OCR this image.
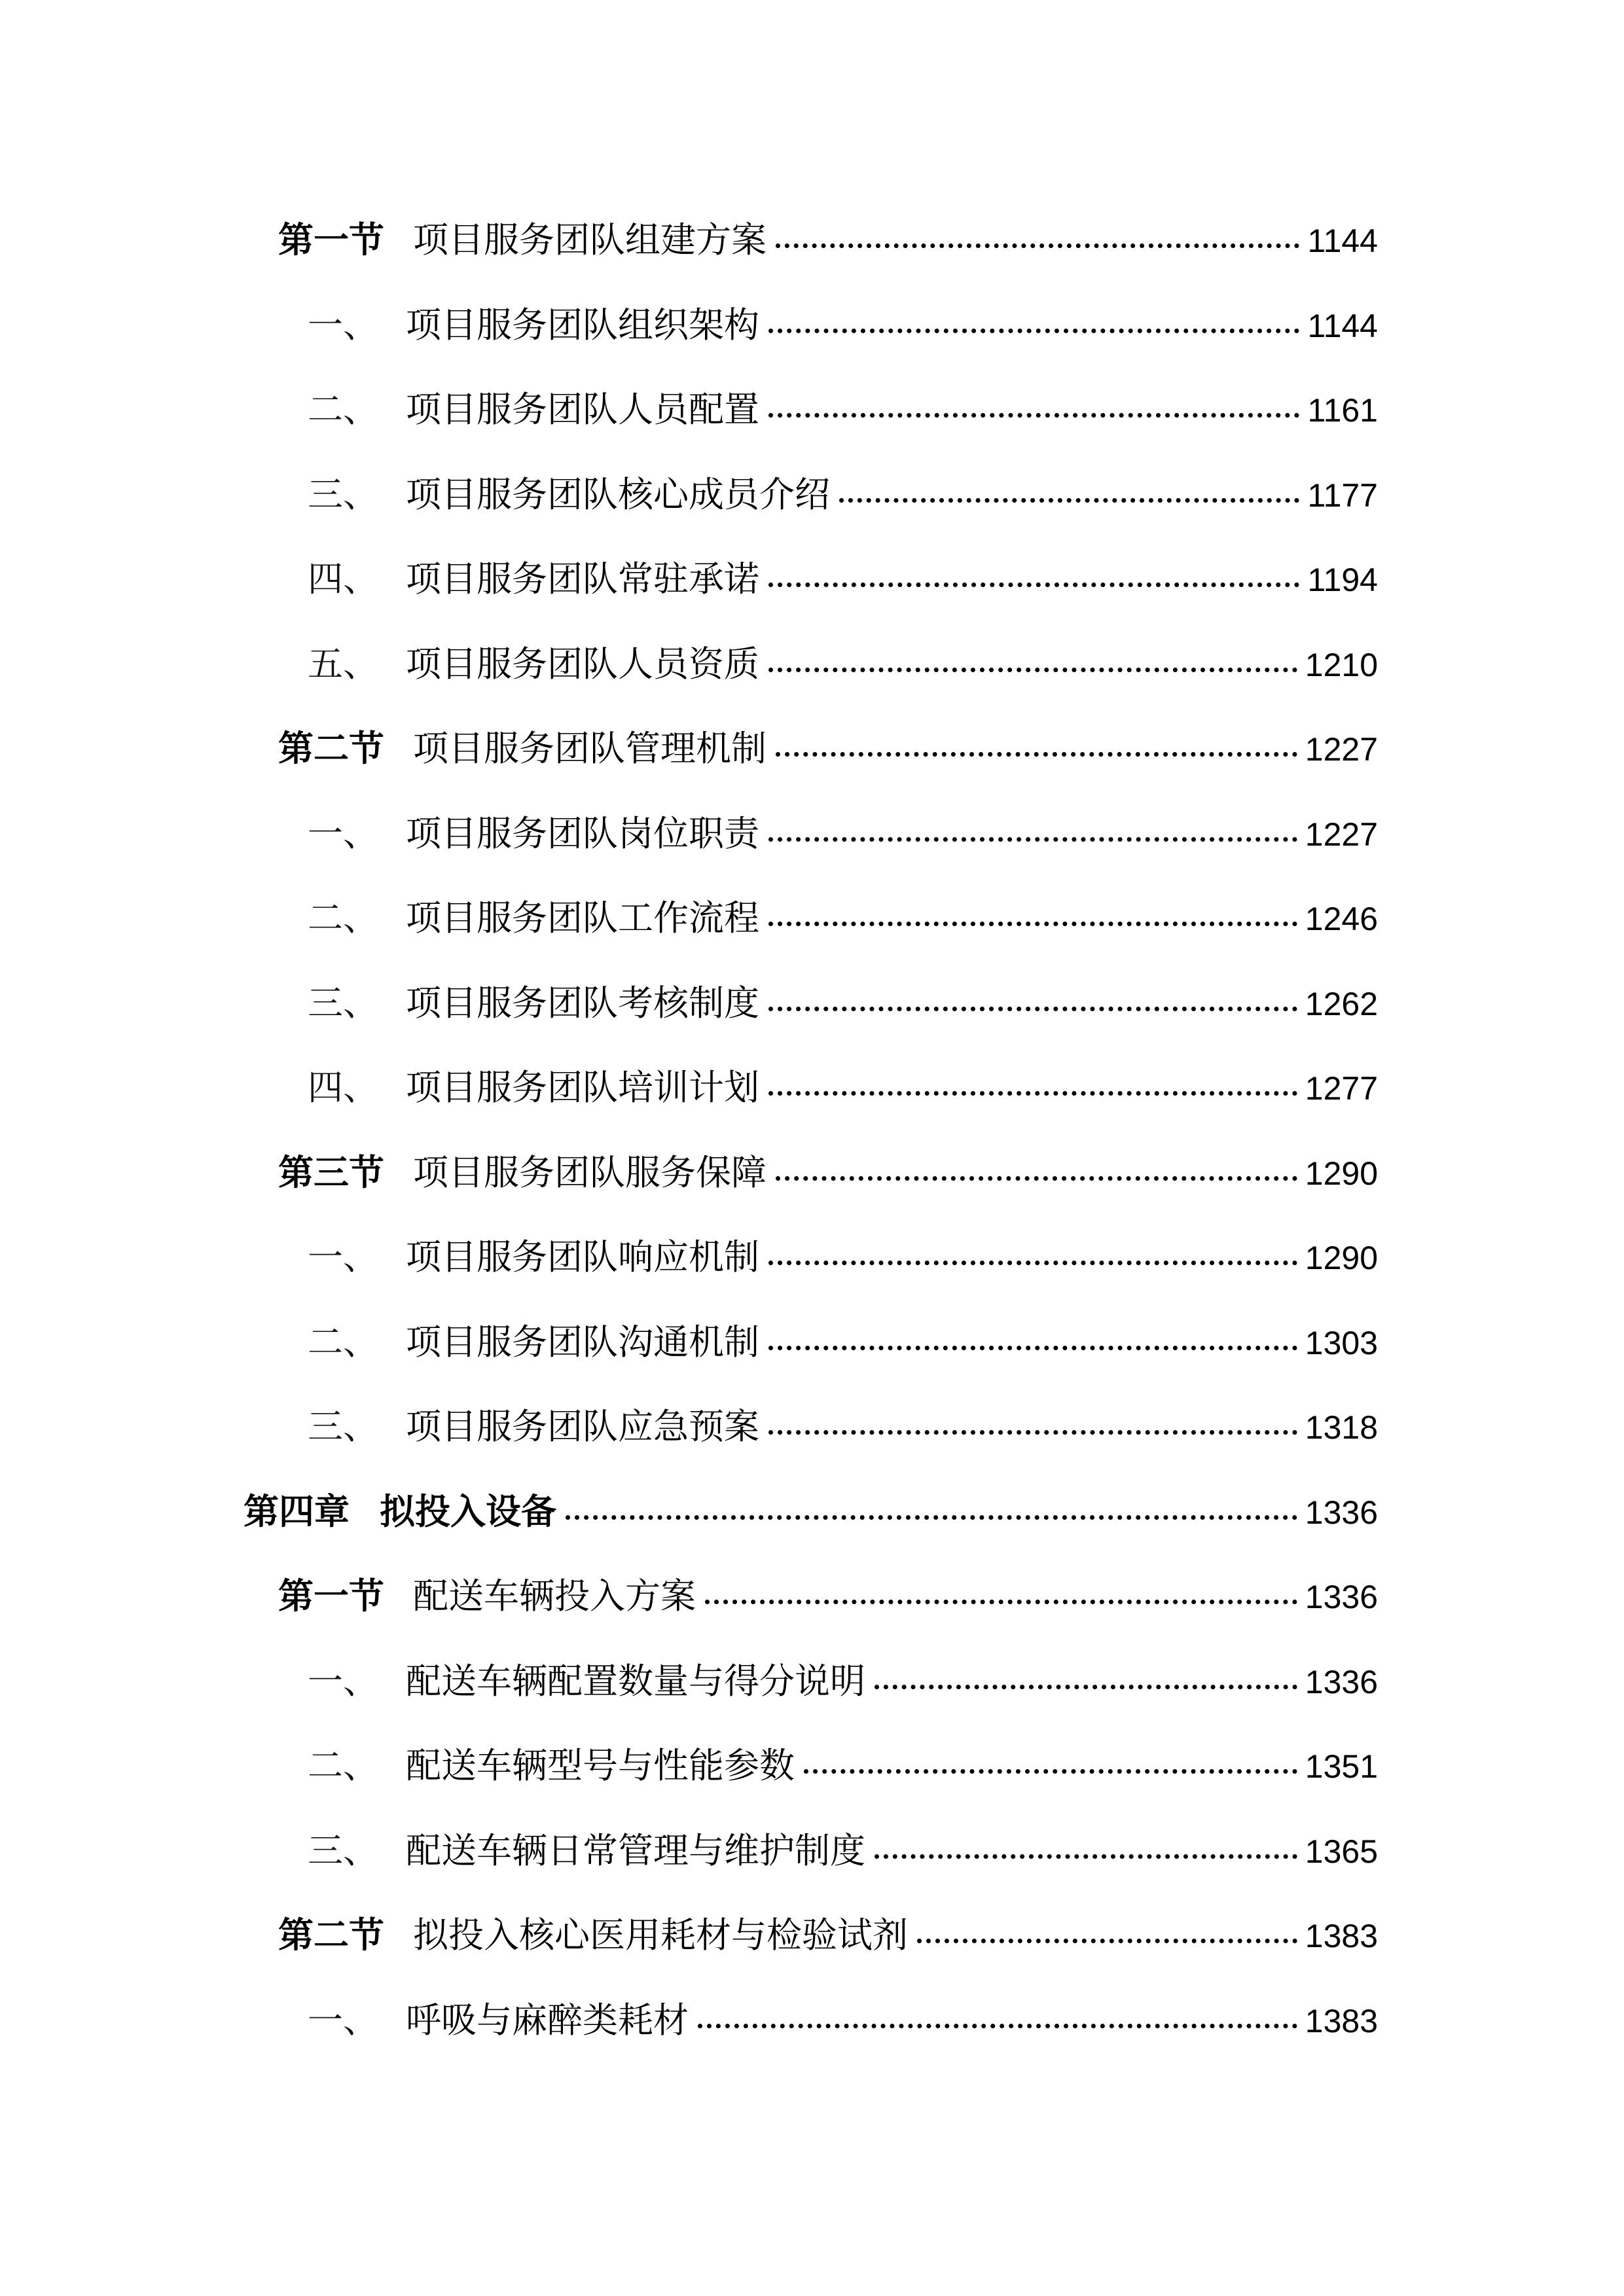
第一节 项目服务团队组建方案	1144
一、 项目服务团队组织架构	1144
二、 项目服务团队人员配置	1161
三、 项目服务团队核心成员介绍	1177
四、 项目服务团队常驻承诺	1194
五、 项目服务团队人员资质	1210
第二节 项目服务团队管理机制	1227
一、 项目服务团队岗位职责	1227
二、 项目服务团队工作流程	1246
三、 项目服务团队考核制度	1262
四、 项目服务团队培训计划	1277
第三节 项目服务团队服务保障	1290
一、 项目服务团队响应机制	1290
二、 项目服务团队沟通机制	1303
三、 项目服务团队应急预案	1318
第四章 拟投入设备	1336
第一节 配送车辆投入方案	1336
一、 配送车辆配置数量与得分说明	1336
二、 配送车辆型号与性能参数	1351
三、 配送车辆日常管理与维护制度	1365
第二节 拟投入核心医用耗材与检验试剂	1383
一、 呼吸与麻醉类耗材	1383
